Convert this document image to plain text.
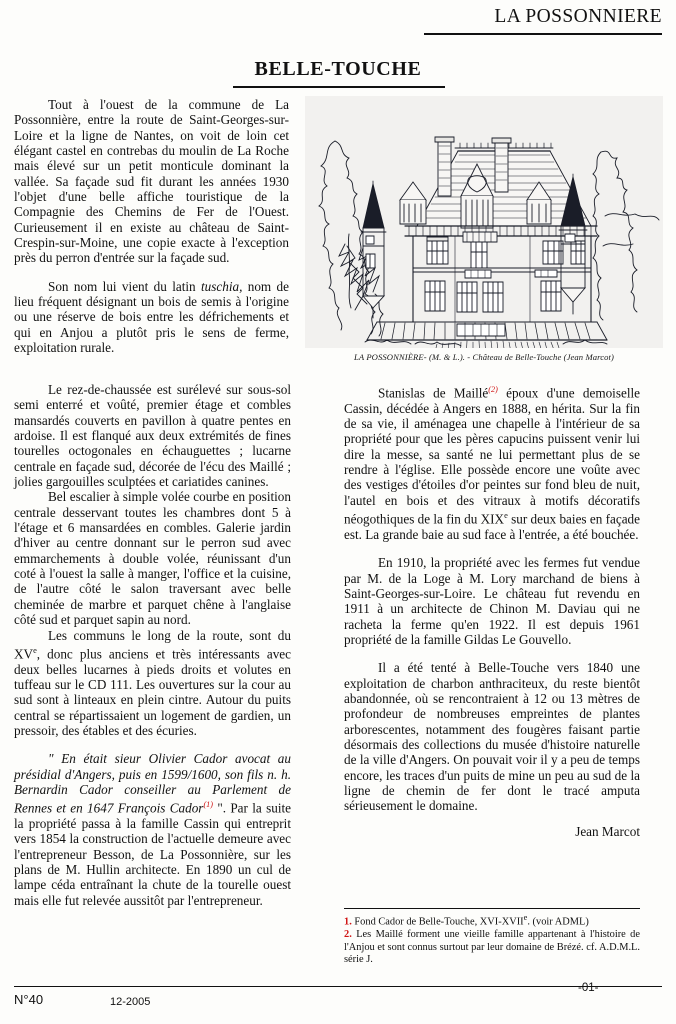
LA POSSONNIERE
BELLE-TOUCHE

Tout à l'ouest de la commune de La Possonnière, entre la route de Saint-Georges-sur-Loire et la ligne de Nantes, on voit de loin cet élégant castel en contrebas du moulin de La Roche mais élevé sur un petit monticule dominant la vallée. Sa façade sud fit durant les années 1930 l'objet d'une belle affiche touristique de la Compagnie des Chemins de Fer de l'Ouest. Curieusement il en existe au château de Saint-Crespin-sur-Moine, une copie exacte à l'exception près du perron d'entrée sur la façade sud.

Son nom lui vient du latin tuschia, nom de lieu fréquent désignant un bois de semis à l'origine ou une réserve de bois entre les défrichements et qui en Anjou a plutôt pris le sens de ferme, exploitation rurale.

LA POSSONNIÈRE- (M. & L.). - Château de Belle-Touche (Jean Marcot)

Le rez-de-chaussée est surélevé sur sous-sol semi enterré et voûté, premier étage et combles mansardés couverts en pavillon à quatre pentes en ardoise. Il est flanqué aux deux extrémités de fines tourelles octogonales en échauguettes ; lucarne centrale en façade sud, décorée de l'écu des Maillé ; jolies gargouilles sculptées et cariatides canines.

Bel escalier à simple volée courbe en position centrale desservant toutes les chambres dont 5 à l'étage et 6 mansardées en combles. Galerie jardin d'hiver au centre donnant sur le perron sud avec emmarchements à double volée, réunissant d'un coté à l'ouest la salle à manger, l'office et la cuisine, de l'autre côté le salon traversant avec belle cheminée de marbre et parquet chêne à l'anglaise côté sud et parquet sapin au nord.

Les communs le long de la route, sont du XVe, donc plus anciens et très intéressants avec deux belles lucarnes à pieds droits et volutes en tuffeau sur le CD 111. Les ouvertures sur la cour au sud sont à linteaux en plein cintre. Autour du puits central se répartissaient un logement de gardien, un pressoir, des étables et des écuries.

" En était sieur Olivier Cador avocat au présidial d'Angers, puis en 1599/1600, son fils n. h. Bernardin Cador conseiller au Parlement de Rennes et en 1647 François Cador$^{(1)}$ ". Par la suite la propriété passa à la famille Cassin qui entreprit vers 1854 la construction de l'actuelle demeure avec l'entrepreneur Besson, de La Possonnière, sur les plans de M. Hullin architecte. En 1890 un cul de lampe céda entraînant la chute de la tourelle ouest mais elle fut relevée aussitôt par l'entrepreneur.

Stanislas de Maillé$^{(2)}$ époux d'une demoiselle Cassin, décédée à Angers en 1888, en hérita. Sur la fin de sa vie, il aménagea une chapelle à l'intérieur de sa propriété pour que les pères capucins puissent venir lui dire la messe, sa santé ne lui permettant plus de se rendre à l'église. Elle possède encore une voûte avec des vestiges d'étoiles d'or peintes sur fond bleu de nuit, l'autel en bois et des vitraux à motifs décoratifs néogothiques de la fin du XIXe sur deux baies en façade est. La grande baie au sud face à l'entrée, a été bouchée.

En 1910, la propriété avec les fermes fut vendue par M. de la Loge à M. Lory marchand de biens à Saint-Georges-sur-Loire. Le château fut revendu en 1911 à un architecte de Chinon M. Daviau qui ne racheta la ferme qu'en 1922. Il est depuis 1961 propriété de la famille Gildas Le Gouvello.

Il a été tenté à Belle-Touche vers 1840 une exploitation de charbon anthraciteux, du reste bientôt abandonnée, où se rencontraient à 12 ou 13 mètres de profondeur de nombreuses empreintes de plantes arborescentes, notamment des fougères faisant partie désormais des collections du musée d'histoire naturelle de la ville d'Angers. On pouvait voir il y a peu de temps encore, les traces d'un puits de mine un peu au sud de la ligne de chemin de fer dont le tracé amputa sérieusement le domaine.

Jean Marcot

1. Fond Cador de Belle-Touche, XVI-XVIIe. (voir ADML)

2. Les Maillé forment une vieille famille appartenant à l'histoire de l'Anjou et sont connus surtout par leur domaine de Brézé. cf. A.D.M.L. série J.

N°40	12-2005
-01-
